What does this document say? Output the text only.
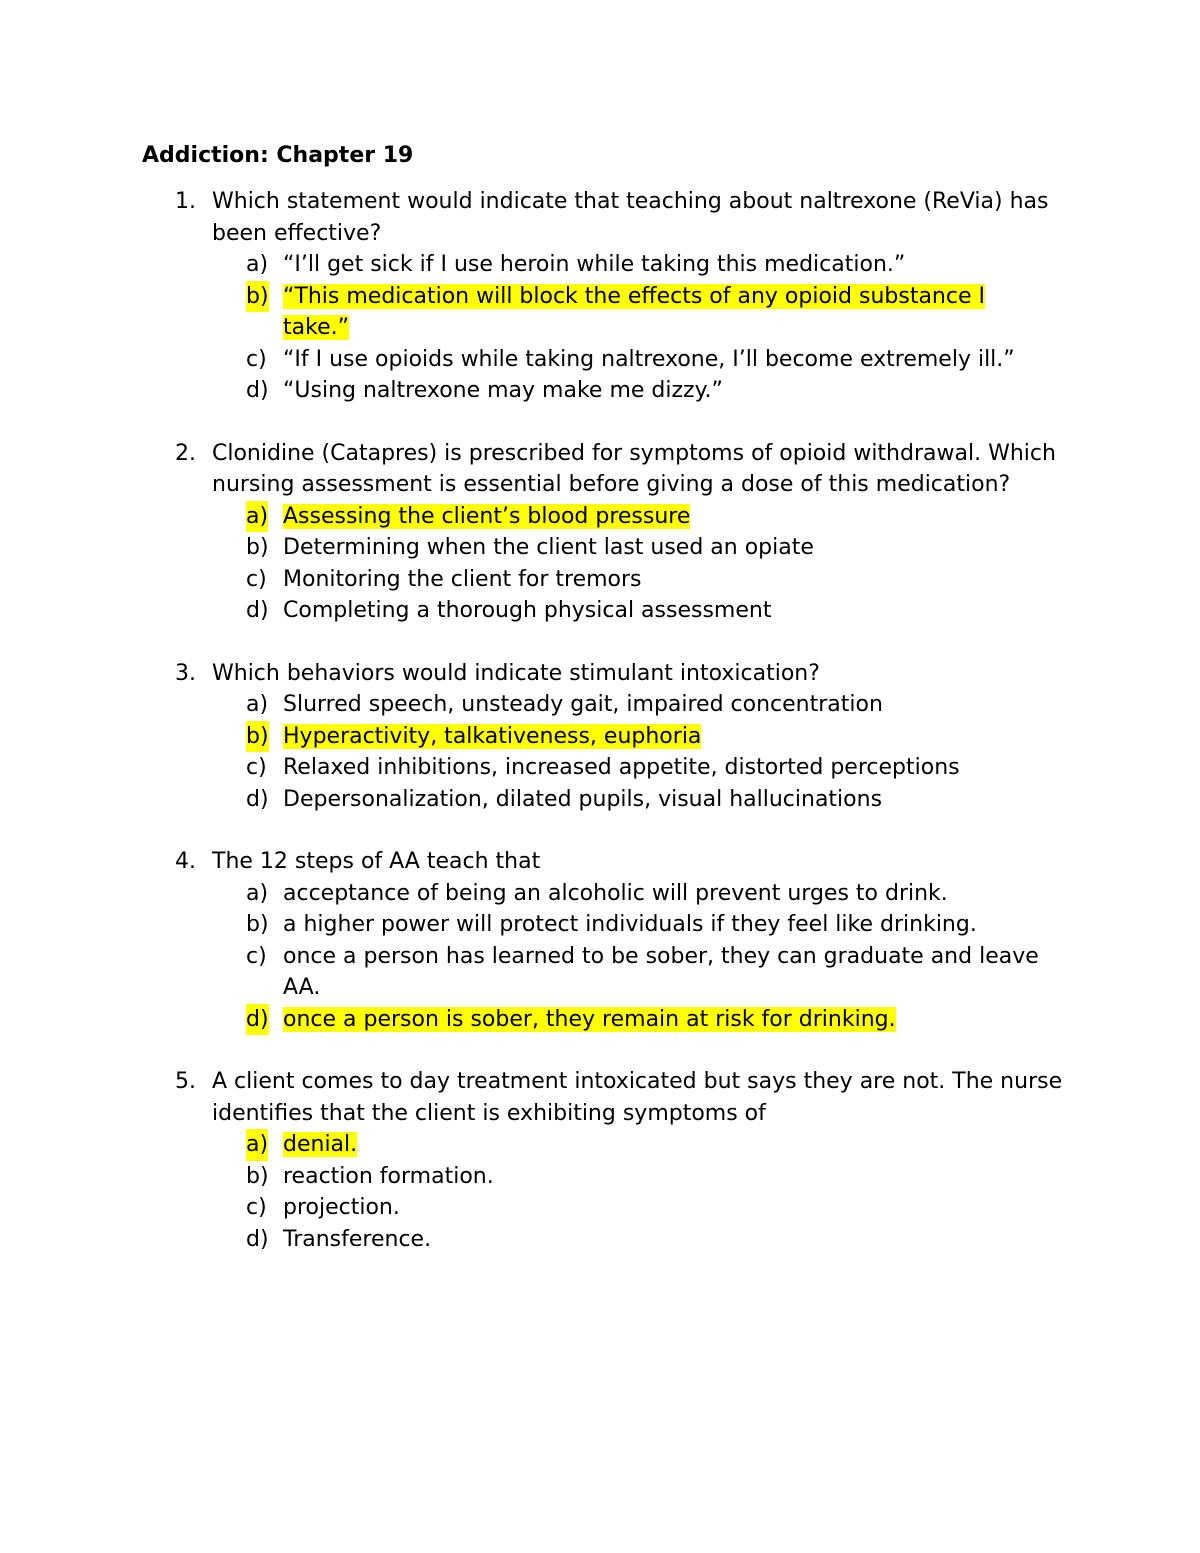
Addiction: Chapter 19
1. Which statement would indicate that teaching about naltrexone (ReVia) has been effective?

a) “I’ll get sick if I use heroin while taking this medication.”
b) “This medication will block the effects of any opioid substance I take.”
c) “If I use opioids while taking naltrexone, I’ll become extremely ill.”
d) “Using naltrexone may make me dizzy.”
2. Clonidine (Catapres) is prescribed for symptoms of opioid withdrawal. Which nursing assessment is essential before giving a dose of this medication?

a) Assessing the client’s blood pressure
b) Determining when the client last used an opiate
c) Monitoring the client for tremors
d) Completing a thorough physical assessment
3. Which behaviors would indicate stimulant intoxication?

a) Slurred speech, unsteady gait, impaired concentration
b) Hyperactivity, talkativeness, euphoria
c) Relaxed inhibitions, increased appetite, distorted perceptions
d) Depersonalization, dilated pupils, visual hallucinations
4. The 12 steps of AA teach that

a) acceptance of being an alcoholic will prevent urges to drink.
b) a higher power will protect individuals if they feel like drinking.
c) once a person has learned to be sober, they can graduate and leave AA.
d) once a person is sober, they remain at risk for drinking.
5. A client comes to day treatment intoxicated but says they are not. The nurse identifies that the client is exhibiting symptoms of

a) denial.
b) reaction formation.
c) projection.
d) Transference.
